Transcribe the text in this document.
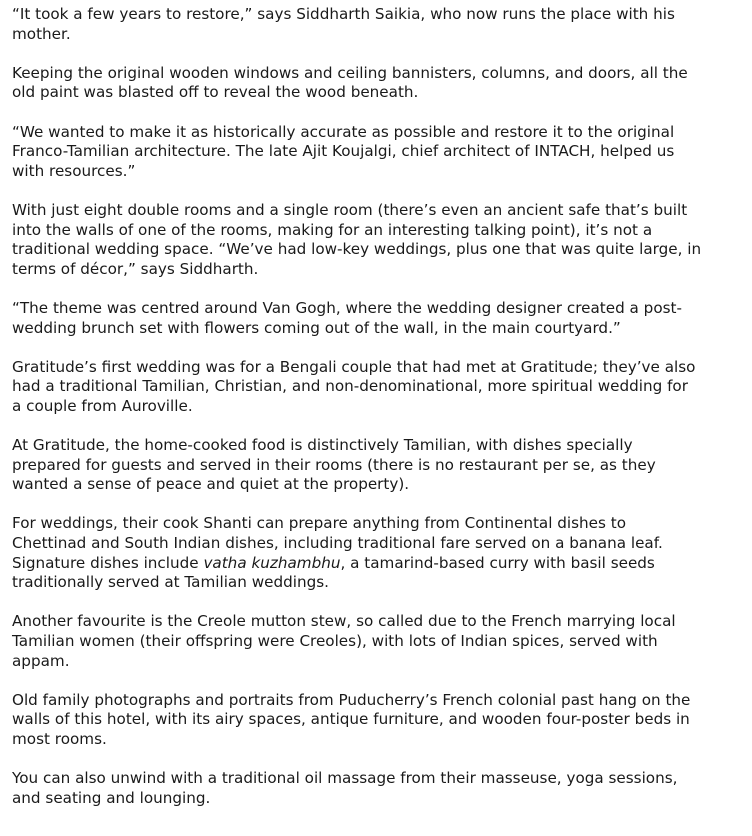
“It took a few years to restore,” says Siddharth Saikia, who now runs the place with his mother.

Keeping the original wooden windows and ceiling bannisters, columns, and doors, all the old paint was blasted off to reveal the wood beneath.

“We wanted to make it as historically accurate as possible and restore it to the original Franco-Tamilian architecture. The late Ajit Koujalgi, chief architect of INTACH, helped us with resources.”

With just eight double rooms and a single room (there’s even an ancient safe that’s built into the walls of one of the rooms, making for an interesting talking point), it’s not a traditional wedding space. “We’ve had low-key weddings, plus one that was quite large, in terms of décor,” says Siddharth.

“The theme was centred around Van Gogh, where the wedding designer created a post-wedding brunch set with flowers coming out of the wall, in the main courtyard.”

Gratitude’s first wedding was for a Bengali couple that had met at Gratitude; they’ve also had a traditional Tamilian, Christian, and non-denominational, more spiritual wedding for a couple from Auroville.

At Gratitude, the home-cooked food is distinctively Tamilian, with dishes specially prepared for guests and served in their rooms (there is no restaurant per se, as they wanted a sense of peace and quiet at the property).

For weddings, their cook Shanti can prepare anything from Continental dishes to Chettinad and South Indian dishes, including traditional fare served on a banana leaf. Signature dishes include vatha kuzhambhu, a tamarind-based curry with basil seeds traditionally served at Tamilian weddings.

Another favourite is the Creole mutton stew, so called due to the French marrying local Tamilian women (their offspring were Creoles), with lots of Indian spices, served with appam.

Old family photographs and portraits from Puducherry’s French colonial past hang on the walls of this hotel, with its airy spaces, antique furniture, and wooden four-poster beds in most rooms.

You can also unwind with a traditional oil massage from their masseuse, yoga sessions, and seating and lounging.
